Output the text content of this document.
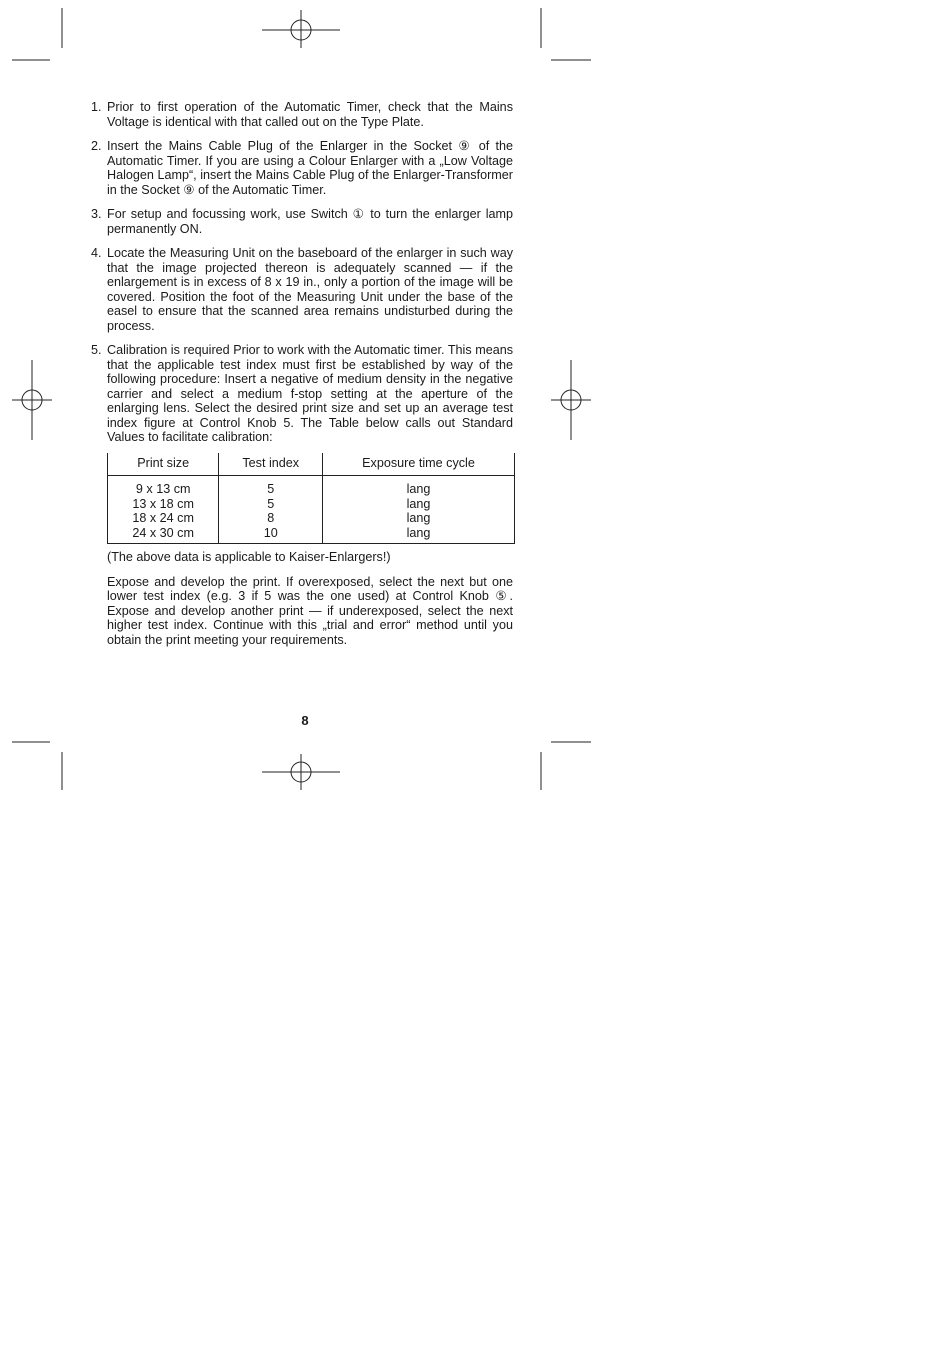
1. Prior to first operation of the Automatic Timer, check that the Mains Voltage is identical with that called out on the Type Plate.
2. Insert the Mains Cable Plug of the Enlarger in the Socket ⑨ of the Automatic Timer. If you are using a Colour Enlarger with a „Low Voltage Halogen Lamp“, insert the Mains Cable Plug of the Enlarger-Transformer in the Socket ⑨ of the Automatic Timer.
3. For setup and focussing work, use Switch ① to turn the enlarger lamp permanently ON.
4. Locate the Measuring Unit on the baseboard of the enlarger in such way that the image projected thereon is adequately scanned — if the enlargement is in excess of 8 x 19 in., only a portion of the image will be covered. Position the foot of the Measuring Unit under the base of the easel to ensure that the scanned area remains undisturbed during the process.
5. Calibration is required Prior to work with the Automatic timer. This means that the applicable test index must first be established by way of the following procedure: Insert a negative of medium density in the negative carrier and select a medium f-stop setting at the aperture of the enlarging lens. Select the desired print size and set up an average test index figure at Control Knob 5. The Table below calls out Standard Values to facilitate calibration:
Print size	Test index	Exposure time cycle
9 x 13 cm	5	lang
13 x 18 cm	5	lang
18 x 24 cm	8	lang
24 x 30 cm	10	lang
(The above data is applicable to Kaiser-Enlargers!)
Expose and develop the print. If overexposed, select the next but one lower test index (e.g. 3 if 5 was the one used) at Control Knob ⑤. Expose and develop another print — if underexposed, select the next higher test index. Continue with this „trial and error“ method until you obtain the print meeting your requirements.
8
